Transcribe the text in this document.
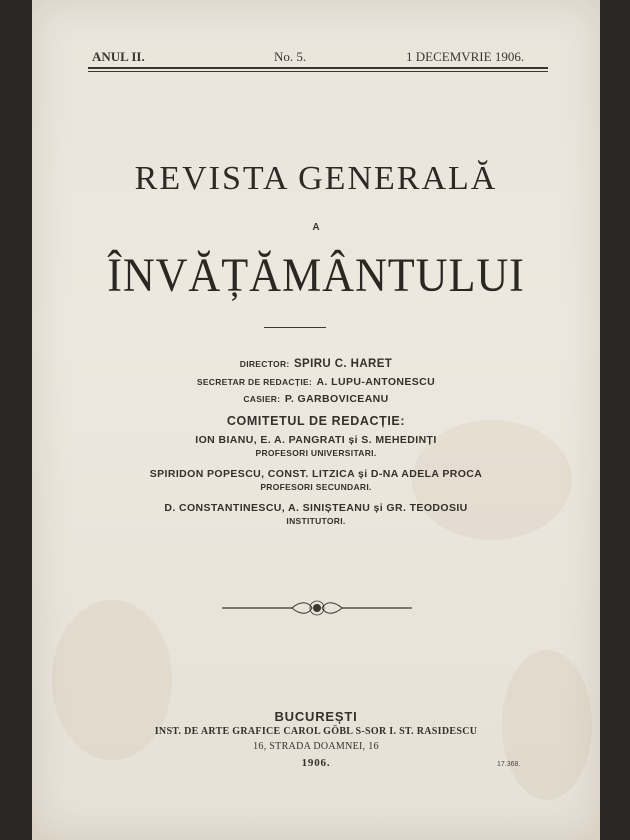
ANUL II.	No. 5.	1 DECEMVRIE 1906.
REVISTA GENERALĂ
A
ÎNVĂȚĂMÂNTULUI
DIRECTOR: SPIRU C. HARET
SECRETAR DE REDACȚIE: A. LUPU-ANTONESCU
CASIER: P. GARBOVICEANU
COMITETUL DE REDACȚIE:
ION BIANU, E. A. PANGRATI și S. MEHEDINȚI
PROFESORI UNIVERSITARI.
SPIRIDON POPESCU, CONST. LITZICA și D-NA ADELA PROCA
PROFESORI SECUNDARI.
D. CONSTANTINESCU, A. SINIȘTEANU și GR. TEODOSIU
INSTITUTORI.
BUCUREȘTI
INST. DE ARTE GRAFICE CAROL GÖBL S-SOR I. ST. RASIDESCU
16, STRADA DOAMNEI, 16
1906.	17.368.
